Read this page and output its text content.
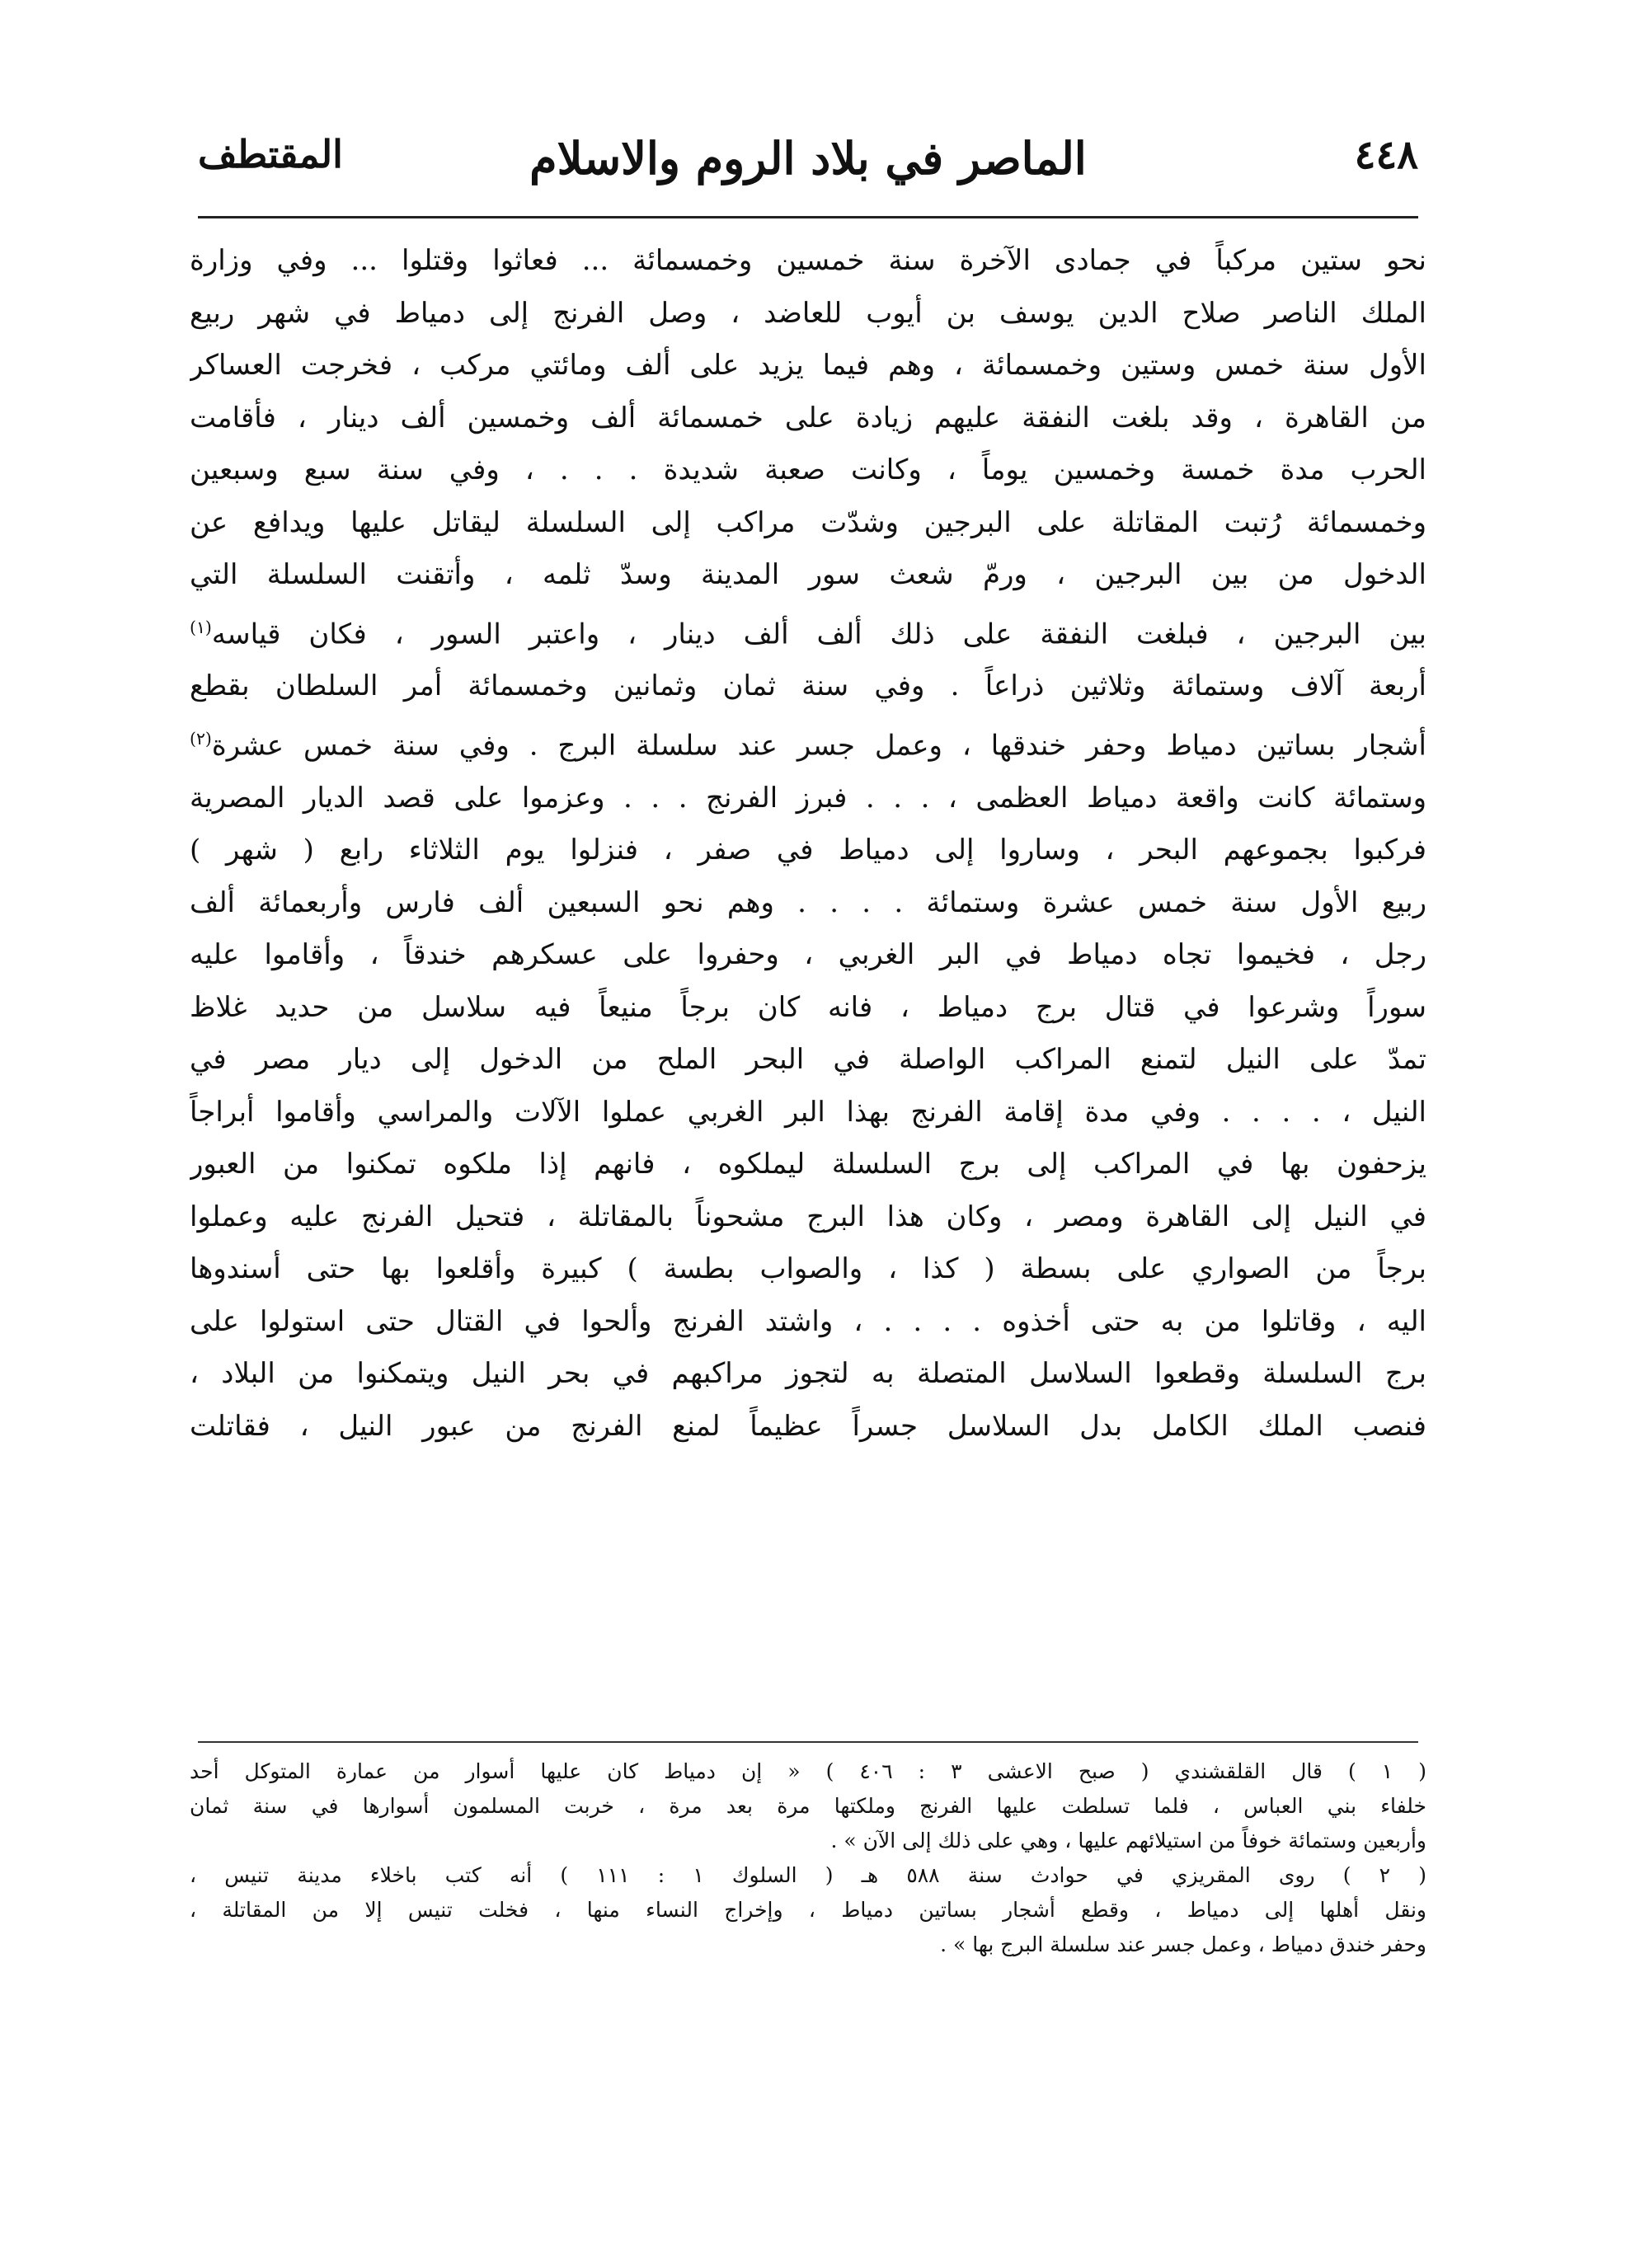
٤٤٨
الماصر في بلاد الروم والاسلام
المقتطف

نحو ستين مركباً في جمادى الآخرة سنة خمسين وخمسمائة ... فعاثوا وقتلوا ... وفي وزارة

الملك الناصر صلاح الدين يوسف بن أيوب للعاضد ، وصل الفرنج إلى دمياط في شهر ربيع

الأول سنة خمس وستين وخمسمائة ، وهم فيما يزيد على ألف ومائتي مركب ، فخرجت العساكر

من القاهرة ، وقد بلغت النفقة عليهم زيادة على خمسمائة ألف وخمسين ألف دينار ، فأقامت

الحرب مدة خمسة وخمسين يوماً ، وكانت صعبة شديدة . . . ، وفي سنة سبع وسبعين

وخمسمائة رُتبت المقاتلة على البرجين وشدّت مراكب إلى السلسلة ليقاتل عليها ويدافع عن

الدخول من بين البرجين ، ورمّ شعث سور المدينة وسدّ ثلمه ، وأتقنت السلسلة التي

بين البرجين ، فبلغت النفقة على ذلك ألف ألف دينار ، واعتبر السور ، فكان قياسه$^{(١)}$

أربعة آلاف وستمائة وثلاثين ذراعاً . وفي سنة ثمان وثمانين وخمسمائة أمر السلطان بقطع

أشجار بساتين دمياط وحفر خندقها ، وعمل جسر عند سلسلة البرج . وفي سنة خمس عشرة$^{(٢)}$

وستمائة كانت واقعة دمياط العظمى ، . . . فبرز الفرنج . . . وعزموا على قصد الديار المصرية

فركبوا بجموعهم البحر ، وساروا إلى دمياط في صفر ، فنزلوا يوم الثلاثاء رابع ( شهر )

ربيع الأول سنة خمس عشرة وستمائة . . . . وهم نحو السبعين ألف فارس وأربعمائة ألف

رجل ، فخيموا تجاه دمياط في البر الغربي ، وحفروا على عسكرهم خندقاً ، وأقاموا عليه

سوراً وشرعوا في قتال برج دمياط ، فانه كان برجاً منيعاً فيه سلاسل من حديد غلاظ

تمدّ على النيل لتمنع المراكب الواصلة في البحر الملح من الدخول إلى ديار مصر في

النيل ، . . . . وفي مدة إقامة الفرنج بهذا البر الغربي عملوا الآلات والمراسي وأقاموا أبراجاً

يزحفون بها في المراكب إلى برج السلسلة ليملكوه ، فانهم إذا ملكوه تمكنوا من العبور

في النيل إلى القاهرة ومصر ، وكان هذا البرج مشحوناً بالمقاتلة ، فتحيل الفرنج عليه وعملوا

برجاً من الصواري على بسطة ( كذا ، والصواب بطسة ) كبيرة وأقلعوا بها حتى أسندوها

اليه ، وقاتلوا من به حتى أخذوه . . . . ، واشتد الفرنج وألحوا في القتال حتى استولوا على

برج السلسلة وقطعوا السلاسل المتصلة به لتجوز مراكبهم في بحر النيل ويتمكنوا من البلاد ،

فنصب الملك الكامل بدل السلاسل جسراً عظيماً لمنع الفرنج من عبور النيل ، فقاتلت

( ١ ) قال القلقشندي ( صبح الاعشى ٣ : ٤٠٦ ) « إن دمياط كان عليها أسوار من عمارة المتوكل أحد

خلفاء بني العباس ، فلما تسلطت عليها الفرنج وملكتها مرة بعد مرة ، خربت المسلمون أسوارها في سنة ثمان

وأربعين وستمائة خوفاً من استيلائهم عليها ، وهي على ذلك إلى الآن » .

( ٢ ) روى المقريزي في حوادث سنة ٥٨٨ هـ ( السلوك ١ : ١١١ ) أنه كتب باخلاء مدينة تنيس ،

ونقل أهلها إلى دمياط ، وقطع أشجار بساتين دمياط ، وإخراج النساء منها ، فخلت تنيس إلا من المقاتلة ،

وحفر خندق دمياط ، وعمل جسر عند سلسلة البرج بها » .
